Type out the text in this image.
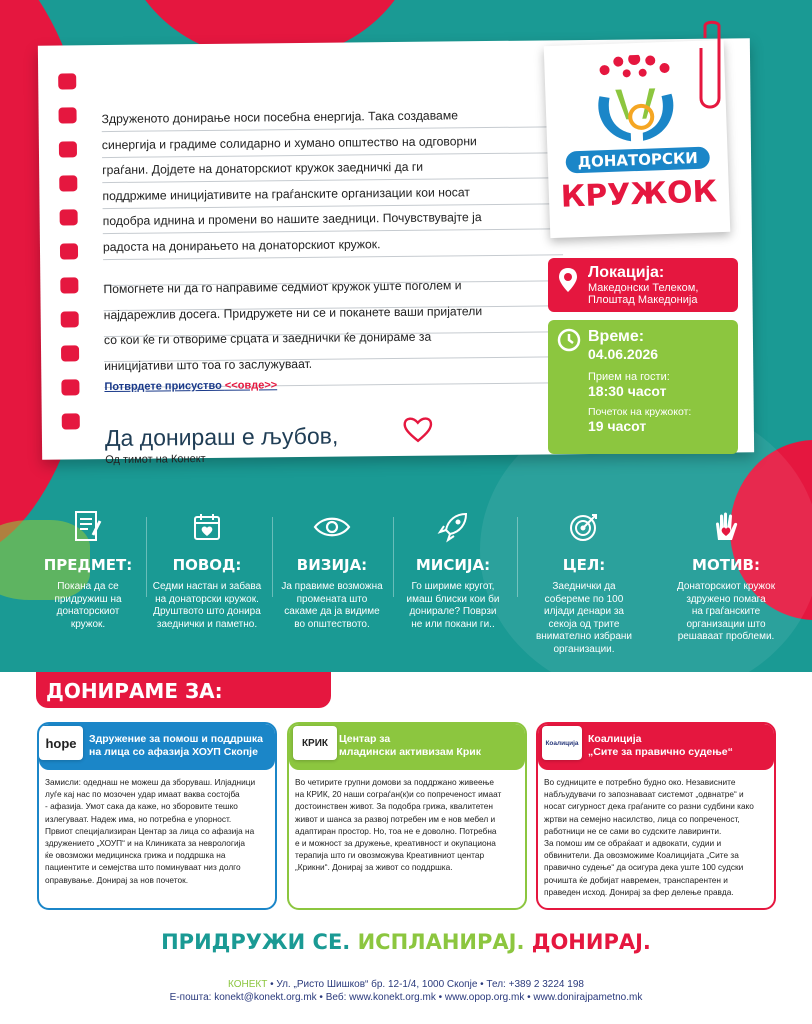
Здруженото донирање носи посебна енергија. Така создаваме
синергија и градиме солидарно и хумано општество на одговорни
граѓани. Дојдете на донаторскиот кружок заедничкi да ги
поддржиме иницијативите на граѓанските организации кои носат
подобра иднина и промени во нашите заедници. Почувствувајте ја
радоста на донирањето на донаторскиот кружок.
Помогнете ни да го направиме седмиот кружок уште поголем и
најдарежлив досега. Придружете ни се и поканете ваши пријатели
со кои ќе ги отвориме срцата и заеднички ќе донираме за
иницијативи што тоа го заслужуваат.
Потврдете присуство <<овде>>
Да донираш е љубов,
Од тимот на Конект
ДОНАТОРСКИ
КРУЖОК
Локација:
Македонски Телеком,
Плоштад Македонија
Време:
04.06.2026
Прием на гости:
18:30 часот
Почеток на кружокот:
19 часот
ПРЕДМЕТ:
Покана да се
придружиш на
донаторскиот
кружок.
ПОВОД:
Седми настан и забава
на донаторски кружок.
Друштвото што донира
заеднички и паметно.
ВИЗИЈА:
Ја правиме возможна
промената што
сакаме да ја видиме
во општеството.
МИСИЈА:
Го шириме кругот,
имаш блиски кои би
донирале? Поврзи
не или покани ги..
ЦЕЛ:
Заеднички да
собереме по 100
илјади денари за
секоја од трите
внимателно избрани
организации.
МОТИВ:
Донаторскиот кружок
здружено помага
на граѓанските
организации што
решаваат проблеми.
ДОНИРАМЕ ЗА:
hope Здружение за помош и поддршка
на лица со афазија ХОУП Скопје
Замисли: одеднаш не можеш да зборуваш. Илјадници
луѓе кај нас по мозочен удар имаат ваква состојба
- афазија. Умот сака да каже, но зборовите тешко
излегуваат. Надеж има, но потребна е упорност.
Првиот специјализиран Центар за лица со афазија на
здружението „ХОУП“ и на Клиниката за неврологија
ќе овозможи медицинска грижа и поддршка на
пациентите и семејства што поминуваат низ долго
оправување. Донирај за нов почеток.
КРИК Центар за
младински активизам Крик
Во четирите групни домови за поддржано живеење
на КРИК, 20 наши сограѓан(к)и со попреченост имаат
достоинствен живот. За подобра грижа, квалитетен
живот и шанса за развој потребен им е нов мебел и
адаптиран простор. Но, тоа не е доволно. Потребна
е и можност за дружење, креативност и окупациона
терапија што ги овозможува Креативниот центар
„Крикни“. Донирај за живот со поддршка.
Коалиција Коалиција
„Сите за правично судење“
Во судниците е потребно будно око. Независните
набљудувачи го запознаваат системот „одвнатре“ и
носат сигурност дека граѓаните со разни судбини како
жртви на семејно насилство, лица со попреченост,
работници не се сами во судските лавиринти.
За помош им се обраќаат и адвокати, судии и
обвинители. Да овозможиме Коалицијата „Сите за
правично судење“ да осигура дека уште 100 судски
рочишта ќе добијат навремен, транспарентен и
праведен исход. Донирај за фер делење правда.
ПРИДРУЖИ СЕ. ИСПЛАНИРАЈ. ДОНИРАЈ.
КОНЕКТ • Ул. „Ристо Шишков“ бр. 12-1/4, 1000 Скопје • Тел: +389 2 3224 198
Е-пошта: konekt@konekt.org.mk • Веб: www.konekt.org.mk • www.opop.org.mk • www.donirajpametno.mk
